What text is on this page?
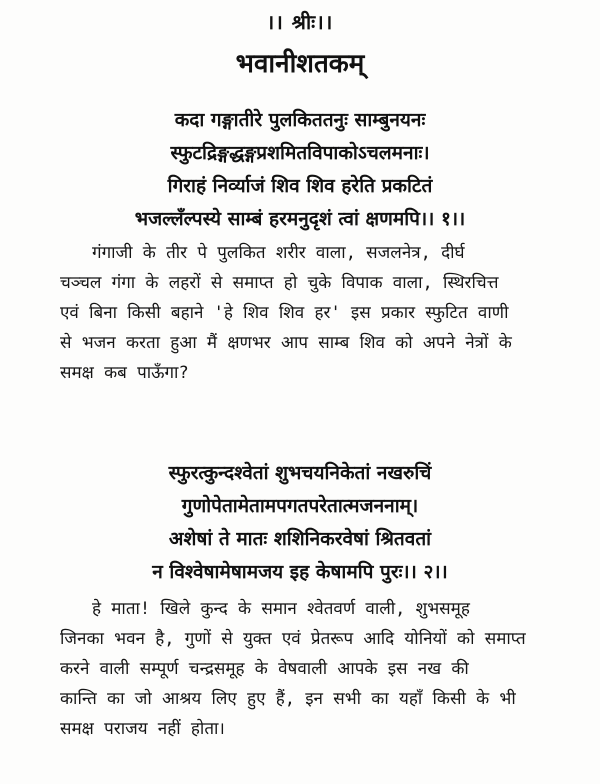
।। श्रीः।।
भवानीशतकम्
कदा गङ्गातीरे पुलकिततनुः साम्बुनयनः
स्फुटद्रिङ्गद्धङ्गप्रशमितविपाकोऽचलमनाः।
गिराहं निर्व्याजं शिव शिव हरेति प्रकटितं
भजल्लँल्पस्ये साम्बं हरमनुदृशं त्वां क्षणमपि।। १।।
गंगाजी के तीर पे पुलकित शरीर वाला, सजलनेत्र, दीर्घ
चञ्चल गंगा के लहरों से समाप्त हो चुके विपाक वाला, स्थिरचित्त
एवं बिना किसी बहाने 'हे शिव शिव हर' इस प्रकार स्फुटित वाणी
से भजन करता हुआ मैं क्षणभर आप साम्ब शिव को अपने नेत्रों के
समक्ष कब पाऊँगा?
स्फुरत्कुन्दश्वेतां शुभचयनिकेतां नखरुचिं
गुणोपेतामेतामपगतपरेतात्मजननाम्।
अशेषां ते मातः शशिनिकरवेषां श्रितवतां
न विश्वेषामेषामजय इह केषामपि पुरः।। २।।
हे माता! खिले कुन्द के समान श्वेतवर्ण वाली, शुभसमूह
जिनका भवन है, गुणों से युक्त एवं प्रेतरूप आदि योनियों को समाप्त
करने वाली सम्पूर्ण चन्द्रसमूह के वेषवाली आपके इस नख की
कान्ति का जो आश्रय लिए हुए हैं, इन सभी का यहाँ किसी के भी
समक्ष पराजय नहीं होता।
